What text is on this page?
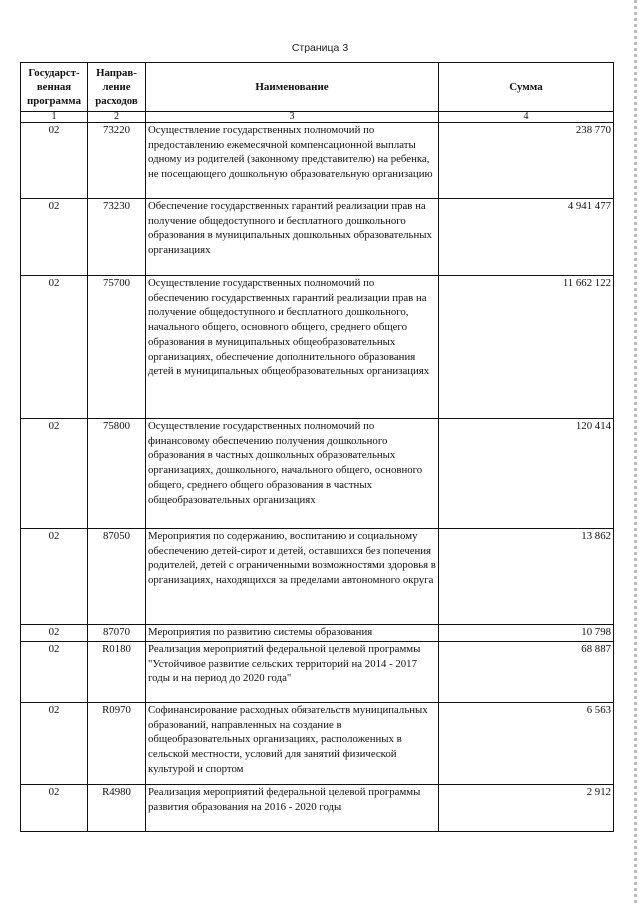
Страница 3
Государст-венная программа	Направ-ление расходов	Наименование	Сумма
1	2	3	4
02	73220	Осуществление государственных полномочий по предоставлению ежемесячной компенсационной выплаты одному из родителей (законному представителю) на ребенка, не посещающего дошкольную образовательную организацию	238 770
02	73230	Обеспечение государственных гарантий реализации прав на получение общедоступного и бесплатного дошкольного образования в муниципальных дошкольных образовательных организациях	4 941 477
02	75700	Осуществление государственных полномочий по обеспечению государственных гарантий реализации прав на получение общедоступного и бесплатного дошкольного, начального общего, основного общего, среднего общего образования в муниципальных общеобразовательных организациях, обеспечение дополнительного образования детей в муниципальных общеобразовательных организациях	11 662 122
02	75800	Осуществление государственных полномочий по финансовому обеспечению получения дошкольного образования в частных дошкольных образовательных организациях, дошкольного, начального общего, основного общего, среднего общего образования в частных общеобразовательных организациях	120 414
02	87050	Мероприятия по содержанию, воспитанию и социальному обеспечению детей-сирот и детей, оставшихся без попечения родителей, детей с ограниченными возможностями здоровья в организациях, находящихся за пределами автономного округа	13 862
02	87070	Мероприятия по развитию системы образования	10 798
02	R0180	Реализация мероприятий федеральной целевой программы "Устойчивое развитие сельских территорий на 2014 - 2017 годы и на период до 2020 года"	68 887
02	R0970	Софинансирование расходных обязательств муниципальных образований, направленных на создание в общеобразовательных организациях, расположенных в сельской местности, условий для занятий физической культурой и спортом	6 563
02	R4980	Реализация мероприятий федеральной целевой программы развития образования на 2016 - 2020 годы	2 912
